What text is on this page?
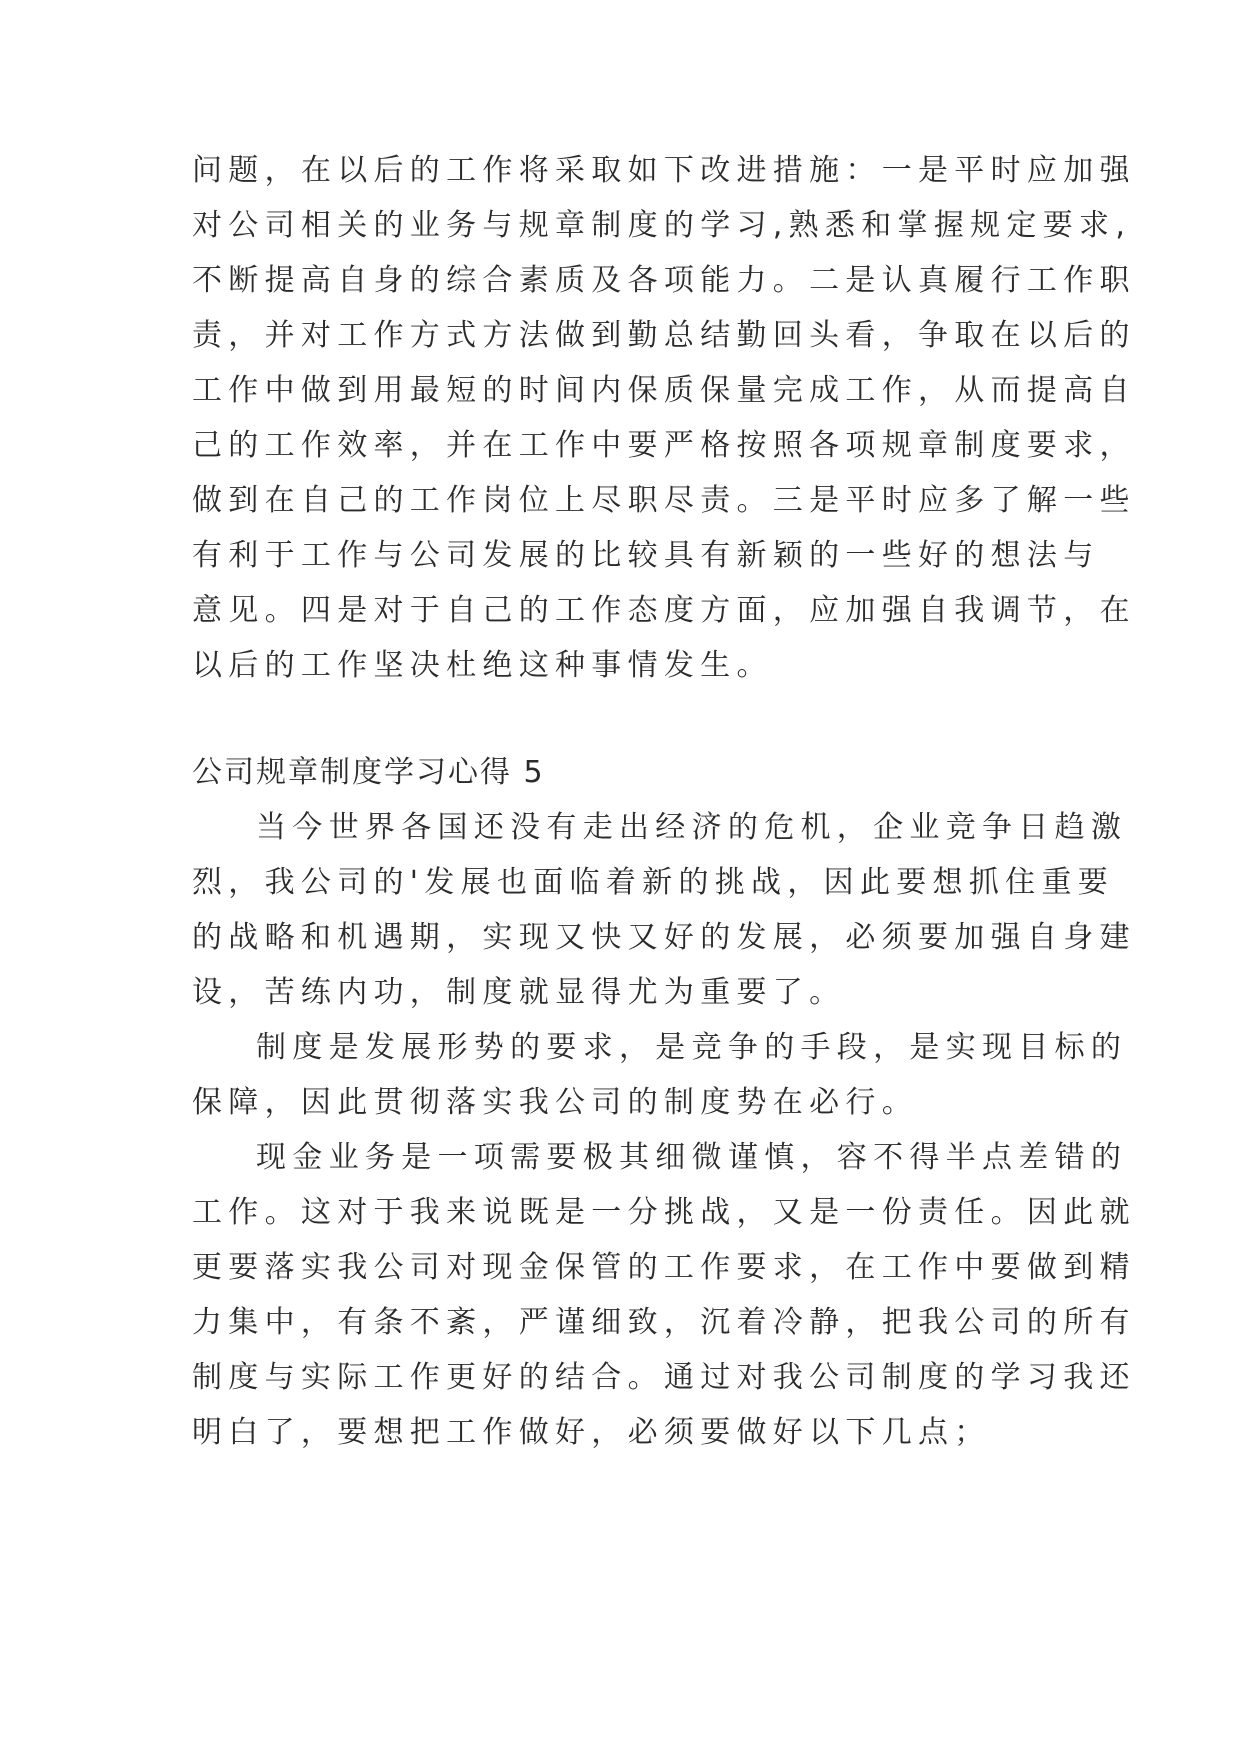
问题，在以后的工作将采取如下改进措施：一是平时应加强
对公司相关的业务与规章制度的学习,熟悉和掌握规定要求,
不断提高自身的综合素质及各项能力。二是认真履行工作职
责，并对工作方式方法做到勤总结勤回头看，争取在以后的
工作中做到用最短的时间内保质保量完成工作，从而提高自
己的工作效率，并在工作中要严格按照各项规章制度要求，
做到在自己的工作岗位上尽职尽责。三是平时应多了解一些
有利于工作与公司发展的比较具有新颖的一些好的想法与
意见。四是对于自己的工作态度方面，应加强自我调节，在
以后的工作坚决杜绝这种事情发生。
公司规章制度学习心得 5
当今世界各国还没有走出经济的危机，企业竞争日趋激
烈，我公司的'发展也面临着新的挑战，因此要想抓住重要
的战略和机遇期，实现又快又好的发展，必须要加强自身建
设，苦练内功，制度就显得尤为重要了。
制度是发展形势的要求，是竞争的手段，是实现目标的
保障，因此贯彻落实我公司的制度势在必行。
现金业务是一项需要极其细微谨慎，容不得半点差错的
工作。这对于我来说既是一分挑战，又是一份责任。因此就
更要落实我公司对现金保管的工作要求，在工作中要做到精
力集中，有条不紊，严谨细致，沉着冷静，把我公司的所有
制度与实际工作更好的结合。通过对我公司制度的学习我还
明白了，要想把工作做好，必须要做好以下几点；
